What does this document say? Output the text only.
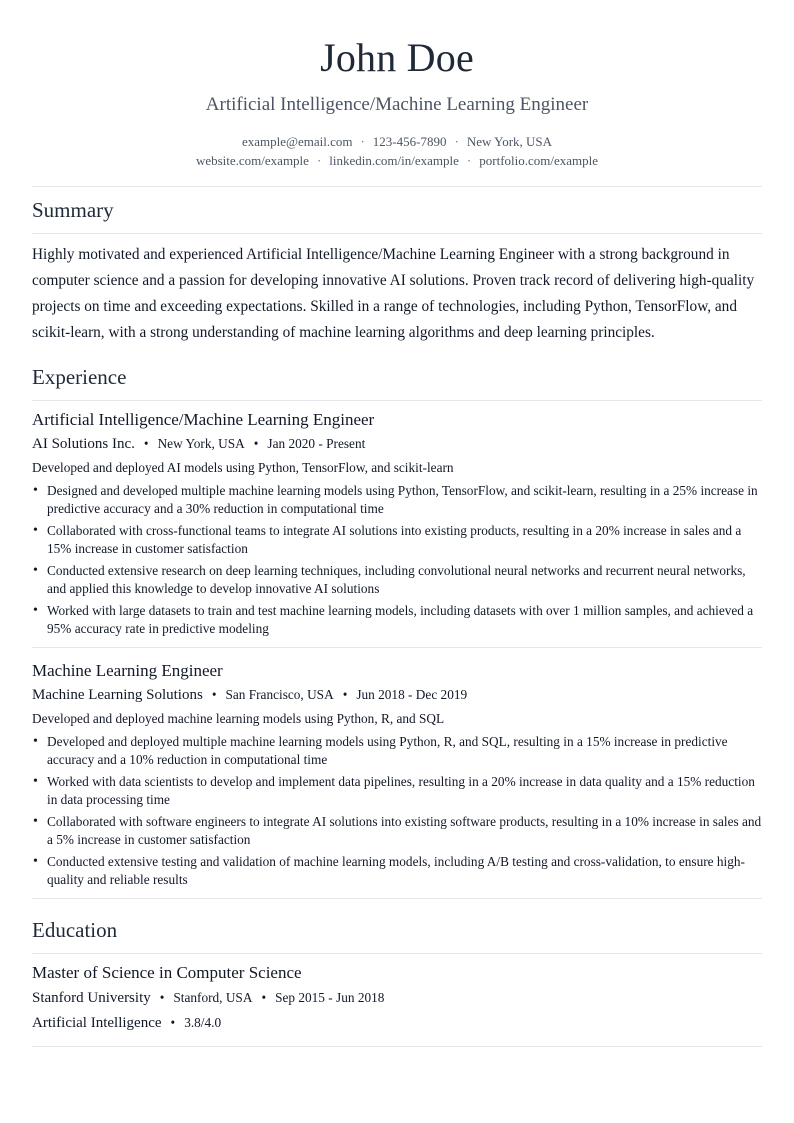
John Doe
Artificial Intelligence/Machine Learning Engineer
example@email.com · 123-456-7890 · New York, USA
website.com/example · linkedin.com/in/example · portfolio.com/example
Summary
Highly motivated and experienced Artificial Intelligence/Machine Learning Engineer with a strong background in computer science and a passion for developing innovative AI solutions. Proven track record of delivering high-quality projects on time and exceeding expectations. Skilled in a range of technologies, including Python, TensorFlow, and scikit-learn, with a strong understanding of machine learning algorithms and deep learning principles.
Experience
Artificial Intelligence/Machine Learning Engineer
AI Solutions Inc. • New York, USA • Jan 2020 - Present
Developed and deployed AI models using Python, TensorFlow, and scikit-learn
• Designed and developed multiple machine learning models using Python, TensorFlow, and scikit-learn, resulting in a 25% increase in predictive accuracy and a 30% reduction in computational time
• Collaborated with cross-functional teams to integrate AI solutions into existing products, resulting in a 20% increase in sales and a 15% increase in customer satisfaction
• Conducted extensive research on deep learning techniques, including convolutional neural networks and recurrent neural networks, and applied this knowledge to develop innovative AI solutions
• Worked with large datasets to train and test machine learning models, including datasets with over 1 million samples, and achieved a 95% accuracy rate in predictive modeling
Machine Learning Engineer
Machine Learning Solutions • San Francisco, USA • Jun 2018 - Dec 2019
Developed and deployed machine learning models using Python, R, and SQL
• Developed and deployed multiple machine learning models using Python, R, and SQL, resulting in a 15% increase in predictive accuracy and a 10% reduction in computational time
• Worked with data scientists to develop and implement data pipelines, resulting in a 20% increase in data quality and a 15% reduction in data processing time
• Collaborated with software engineers to integrate AI solutions into existing software products, resulting in a 10% increase in sales and a 5% increase in customer satisfaction
• Conducted extensive testing and validation of machine learning models, including A/B testing and cross-validation, to ensure high-quality and reliable results
Education
Master of Science in Computer Science
Stanford University • Stanford, USA • Sep 2015 - Jun 2018
Artificial Intelligence • 3.8/4.0
